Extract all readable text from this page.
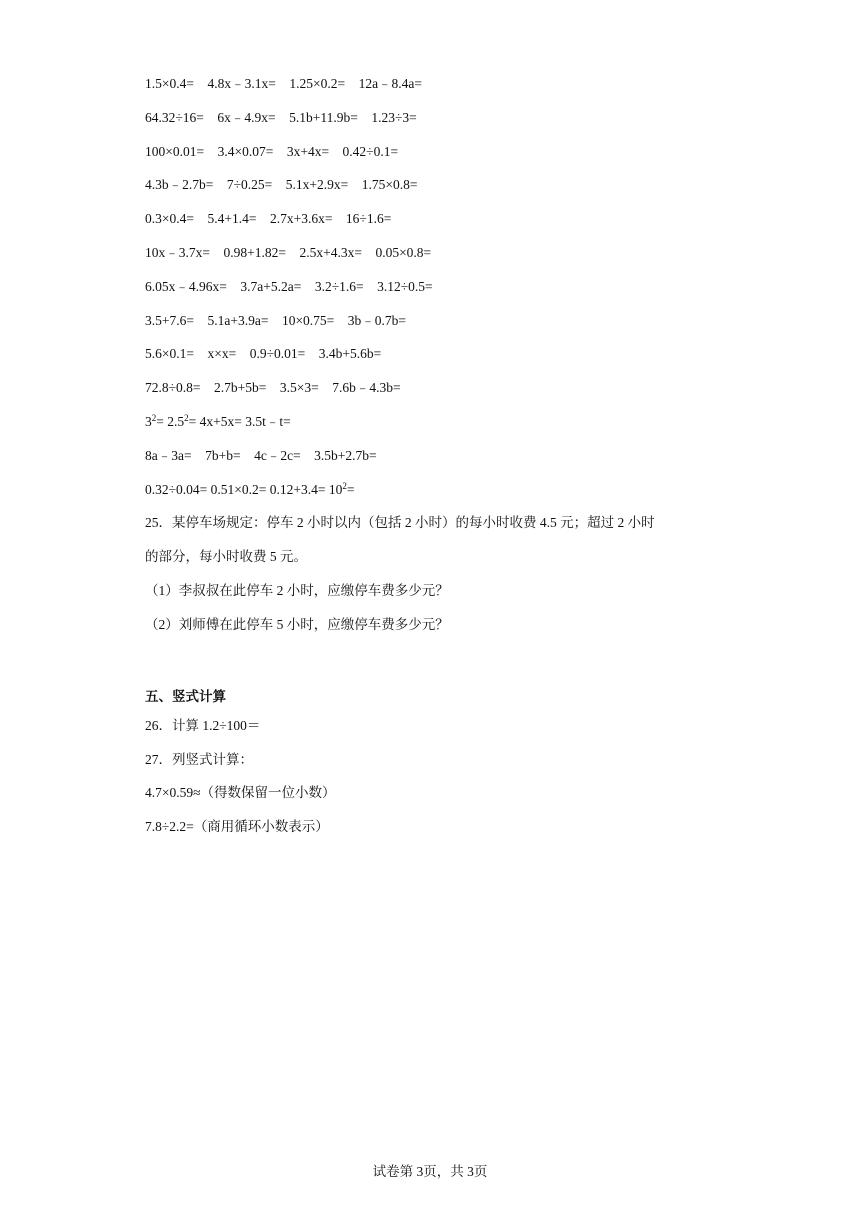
1.5×0.4=    4.8x﹣3.1x=    1.25×0.2=    12a﹣8.4a=
64.32÷16=    6x﹣4.9x=    5.1b+11.9b=    1.23÷3=
100×0.01=    3.4×0.07=    3x+4x=    0.42÷0.1=
4.3b﹣2.7b=    7÷0.25=    5.1x+2.9x=    1.75×0.8=
0.3×0.4=    5.4+1.4=    2.7x+3.6x=    16÷1.6=
10x﹣3.7x=    0.98+1.82=    2.5x+4.3x=    0.05×0.8=
6.05x﹣4.96x=    3.7a+5.2a=    3.2÷1.6=    3.12÷0.5=
3.5+7.6=    5.1a+3.9a=    10×0.75=    3b﹣0.7b=
5.6×0.1=    x×x=    0.9÷0.01=    3.4b+5.6b=
72.8÷0.8=    2.7b+5b=    3.5×3=    7.6b﹣4.3b=
$3^2= 2.5^2= 4x+5x=$ 3.5t﹣t=
8a﹣3a=    7b+b=    4c﹣2c=    3.5b+2.7b=
$0.32\div 0.04= 0.51\times 0.2= 0.12+3.4= 10^2=$
25．某停车场规定：停车 2 小时以内（包括 2 小时）的每小时收费 4.5 元；超过 2 小时
的部分，每小时收费 5 元。
（1）李叔叔在此停车 2 小时，应缴停车费多少元？
（2）刘师傅在此停车 5 小时，应缴停车费多少元？
五、竖式计算
26．计算 1.2÷100＝
27．列竖式计算：
4.7×0.59≈（得数保留一位小数）
7.8÷2.2=（商用循环小数表示）
试卷第 3页，共 3页
